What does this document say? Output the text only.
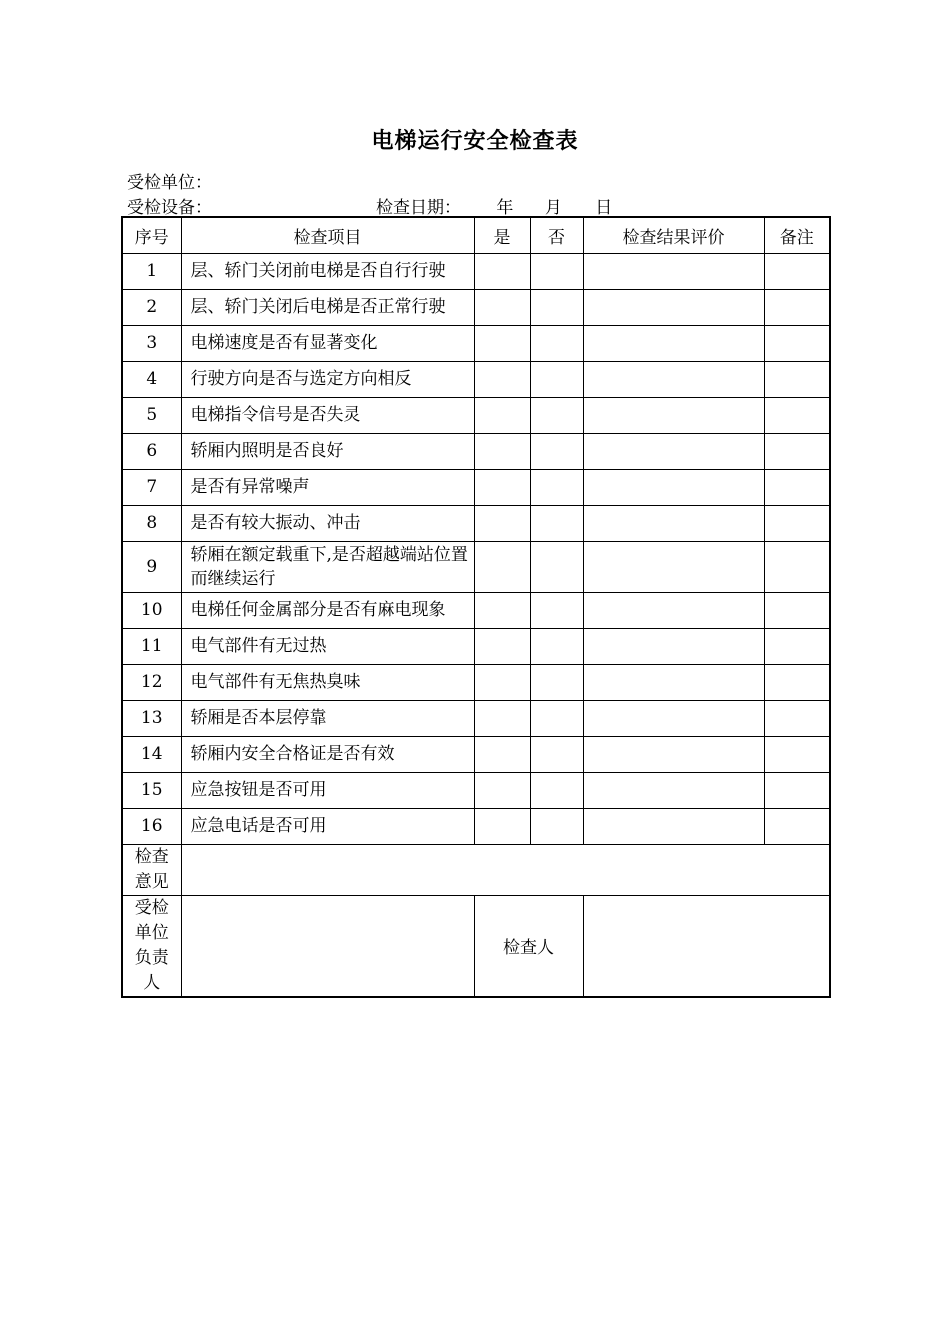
电梯运行安全检查表
受检单位：
受检设备：	检查日期： 年 月 日
序号	检查项目	是	否	检查结果评价	备注
1	层、轿门关闭前电梯是否自行行驶				
2	层、轿门关闭后电梯是否正常行驶				
3	电梯速度是否有显著变化				
4	行驶方向是否与选定方向相反				
5	电梯指令信号是否失灵				
6	轿厢内照明是否良好				
7	是否有异常噪声				
8	是否有较大振动、冲击				
9	轿厢在额定载重下,是否超越端站位置而继续运行				
10	电梯任何金属部分是否有麻电现象				
11	电气部件有无过热				
12	电气部件有无焦热臭味				
13	轿厢是否本层停靠				
14	轿厢内安全合格证是否有效				
15	应急按钮是否可用				
16	应急电话是否可用				
检查意见					
受检单位负责人		检查人			
